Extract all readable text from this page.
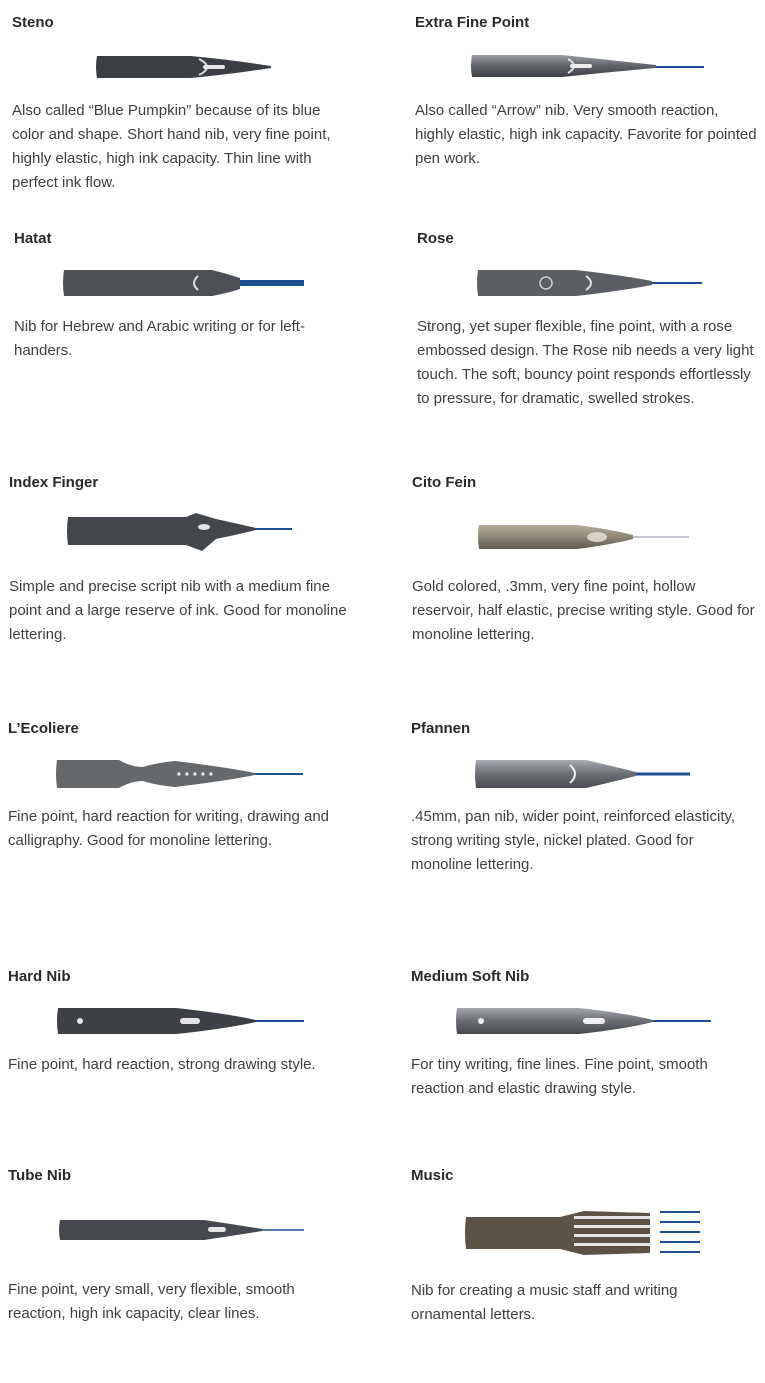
Steno

Also called “Blue Pumpkin” because of its blue color and shape. Short hand nib, very fine point, highly elastic, high ink capacity. Thin line with perfect ink flow.

Extra Fine Point

Also called “Arrow” nib. Very smooth reaction, highly elastic, high ink capacity. Favorite for pointed pen work.

Hatat

Nib for Hebrew and Arabic writing or for left-handers.

Rose

Strong, yet super flexible, fine point, with a rose embossed design. The Rose nib needs a very light touch. The soft, bouncy point responds effortlessly to pressure, for dramatic, swelled strokes.

Index Finger

Simple and precise script nib with a medium fine point and a large reserve of ink. Good for monoline lettering.

Cito Fein

Gold colored, .3mm, very fine point, hollow reservoir, half elastic, precise writing style. Good for monoline lettering.

L’Ecoliere

Fine point, hard reaction for writing, drawing and calligraphy. Good for monoline lettering.

Pfannen

.45mm, pan nib, wider point, reinforced elasticity, strong writing style, nickel plated. Good for monoline lettering.

Hard Nib

Fine point, hard reaction, strong drawing style.

Medium Soft Nib

For tiny writing, fine lines. Fine point, smooth reaction and elastic drawing style.

Tube Nib

Fine point, very small, very flexible, smooth reaction, high ink capacity, clear lines.

Music

Nib for creating a music staff and writing ornamental letters.
